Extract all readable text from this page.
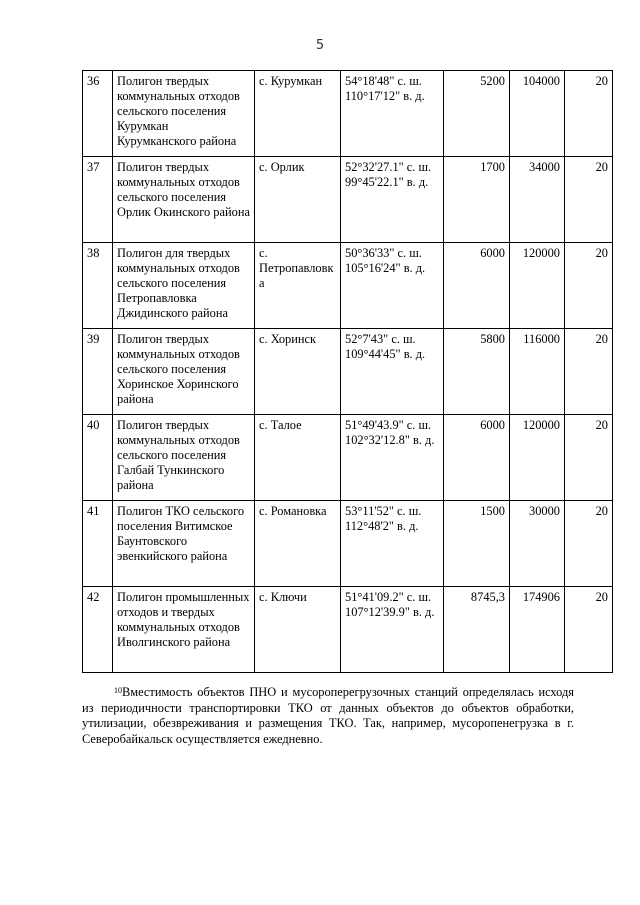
5
36	Полигон твердых коммунальных отходов сельского поселения Курумкан Курумканского района	с. Курумкан	54°18'48" с. ш. 110°17'12" в. д.	5200	104000	20
37	Полигон твердых коммунальных отходов сельского поселения Орлик Окинского района	с. Орлик	52°32'27.1" с. ш. 99°45'22.1" в. д.	1700	34000	20
38	Полигон для твердых коммунальных отходов сельского поселения Петропавловка Джидинского района	с. Петропавловка	50°36'33" с. ш. 105°16'24" в. д.	6000	120000	20
39	Полигон твердых коммунальных отходов сельского поселения Хоринское Хоринского района	с. Хоринск	52°7'43" с. ш. 109°44'45" в. д.	5800	116000	20
40	Полигон твердых коммунальных отходов сельского поселения Галбай Тункинского района	с. Талое	51°49'43.9" с. ш. 102°32'12.8" в. д.	6000	120000	20
41	Полигон ТКО сельского поселения Витимское Баунтовского эвенкийского района	с. Романовка	53°11'52" с. ш. 112°48'2" в. д.	1500	30000	20
42	Полигон промышленных отходов и твердых коммунальных отходов Иволгинского района	с. Ключи	51°41'09.2" с. ш. 107°12'39.9" в. д.	8745,3	174906	20

$^{10}$Вместимость объектов ПНО и мусороперегрузочных станций определялась исходя из периодичности транспортировки ТКО от данных объектов до объектов обработки, утилизации, обезвреживания и размещения ТКО. Так, например, мусоропенегрузка в г. Северобайкальск осуществляется ежедневно.
